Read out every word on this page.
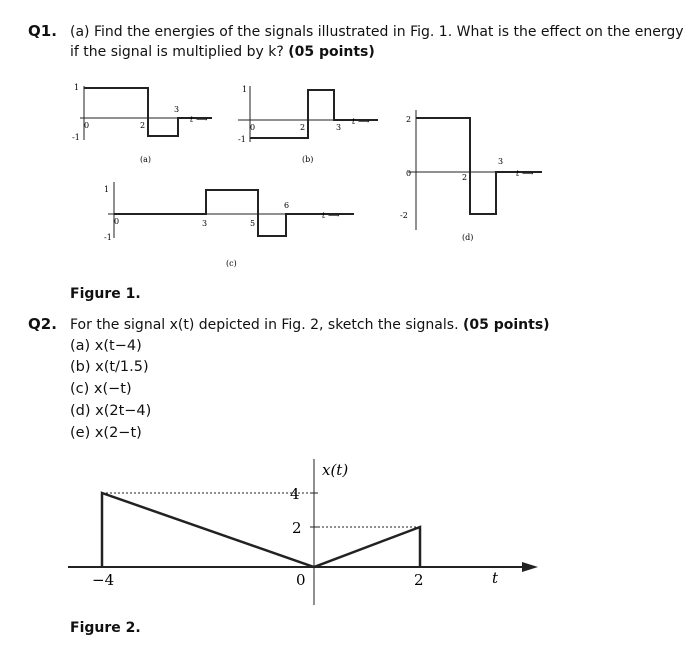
Q1. (a) Find the energies of the signals illustrated in Fig. 1. What is the effect on the energy if the signal is multiplied by k? (05 points)
1
0
-1
2
3
t ⟶
(a)
1
0
-1
2	3
t ⟶
(b)
1
0
-1
3	5
6
t ⟶
(c)
2
0
-2
2
3
t ⟶
(d)
Figure 1.
Q2. For the signal x(t) depicted in Fig. 2, sketch the signals. (05 points)
(a) x(t−4)
(b) x(t/1.5)
(c) x(−t)
(d) x(2t−4)
(e) x(2−t)
x(t)
4
2
−4	0	2	t
Figure 2.
